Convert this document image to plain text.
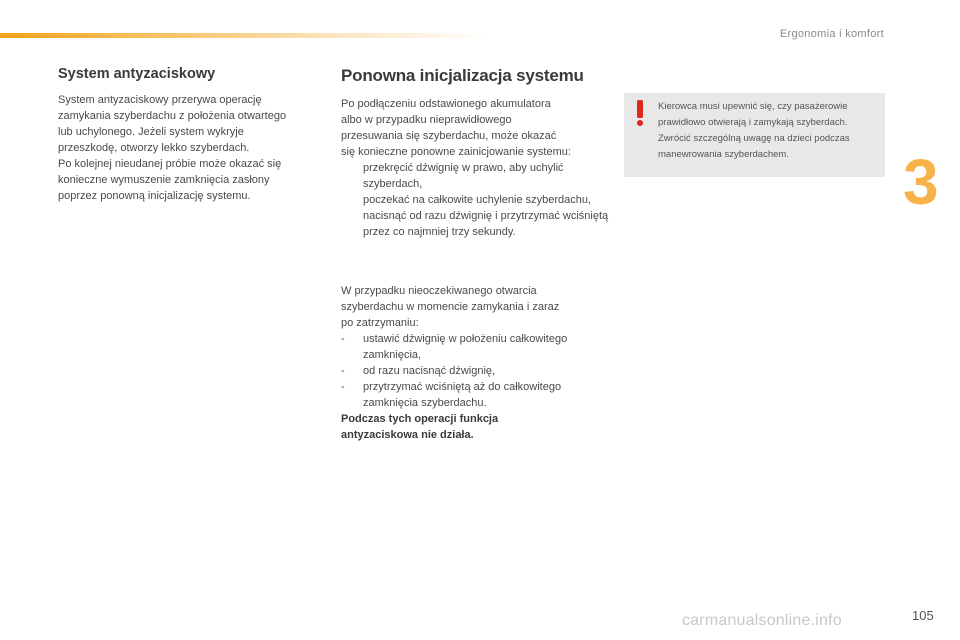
Ergonomia i komfort
3
System antyzaciskowy

System antyzaciskowy przerywa operację
zamykania szyberdachu z położenia otwartego
lub uchylonego. Jeżeli system wykryje
przeszkodę, otworzy lekko szyberdach.
Po kolejnej nieudanej próbie może okazać się
konieczne wymuszenie zamknięcia zasłony
poprzez ponowną inicjalizację systemu.

Ponowna inicjalizacja systemu

Po podłączeniu odstawionego akumulatora
albo w przypadku nieprawidłowego
przesuwania się szyberdachu, może okazać
się konieczne ponowne zainicjowanie systemu:

przekręcić dźwignię w prawo, aby uchylić szyberdach,
poczekać na całkowite uchylenie szyberdachu,
nacisnąć od razu dźwignię i przytrzymać wciśniętą przez co najmniej trzy sekundy.

W przypadku nieoczekiwanego otwarcia
szyberdachu w momencie zamykania i zaraz
po zatrzymaniu:

-	ustawić dźwignię w położeniu całkowitego zamknięcia,
-	od razu nacisnąć dźwignię,
-	przytrzymać wciśniętą aż do całkowitego zamknięcia szyberdachu.

Podczas tych operacji funkcja
antyzaciskowa nie działa.

Kierowca musi upewnić się, czy pasażerowie prawidłowo otwierają i zamykają szyberdach. Zwrócić szczególną uwagę na dzieci podczas manewrowania szyberdachem.
carmanualsonline.info	105
